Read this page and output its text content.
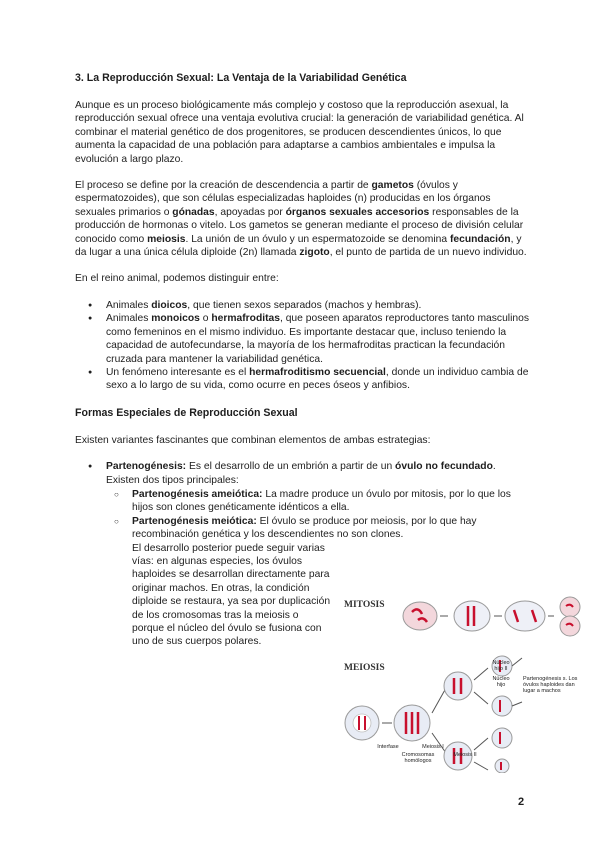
3. La Reproducción Sexual: La Ventaja de la Variabilidad Genética

Aunque es un proceso biológicamente más complejo y costoso que la reproducción asexual, la reproducción sexual ofrece una ventaja evolutiva crucial: la generación de variabilidad genética. Al combinar el material genético de dos progenitores, se producen descendientes únicos, lo que aumenta la capacidad de una población para adaptarse a cambios ambientales e impulsa la evolución a largo plazo.

El proceso se define por la creación de descendencia a partir de gametos (óvulos y espermatozoides), que son células especializadas haploides (n) producidas en los órganos sexuales primarios o gónadas, apoyadas por órganos sexuales accesorios responsables de la producción de hormonas o vitelo. Los gametos se generan mediante el proceso de división celular conocido como meiosis. La unión de un óvulo y un espermatozoide se denomina fecundación, y da lugar a una única célula diploide (2n) llamada zigoto, el punto de partida de un nuevo individuo.

En el reino animal, podemos distinguir entre:

● Animales dioicos, que tienen sexos separados (machos y hembras).
● Animales monoicos o hermafroditas, que poseen aparatos reproductores tanto masculinos como femeninos en el mismo individuo. Es importante destacar que, incluso teniendo la capacidad de autofecundarse, la mayoría de los hermafroditas practican la fecundación cruzada para mantener la variabilidad genética.
● Un fenómeno interesante es el hermafroditismo secuencial, donde un individuo cambia de sexo a lo largo de su vida, como ocurre en peces óseos y anfibios.
Formas Especiales de Reproducción Sexual

Existen variantes fascinantes que combinan elementos de ambas estrategias:

● Partenogénesis: Es el desarrollo de un embrión a partir de un óvulo no fecundado. Existen dos tipos principales:
○ Partenogénesis ameiótica: La madre produce un óvulo por mitosis, por lo que los hijos son clones genéticamente idénticos a ella.
○ Partenogénesis meiótica: El óvulo se produce por meiosis, por lo que hay recombinación genética y los descendientes no son clones.
El desarrollo posterior puede seguir varias vías: en algunas especies, los óvulos haploides se desarrollan directamente para originar machos. En otras, la condición diploide se restaura, ya sea por duplicación de los cromosomas tras la meiosis o porque el núcleo del óvulo se fusiona con uno de sus cuerpos polares.
MITOSIS
MEIOSIS
Núcleo hijo
Núcleo hijo II
Partenogénesis s. Los óvulos haploides dan lugar a machos
Interfase	Meiosis I
Cromosomas homólogos
Meiosis II
2
